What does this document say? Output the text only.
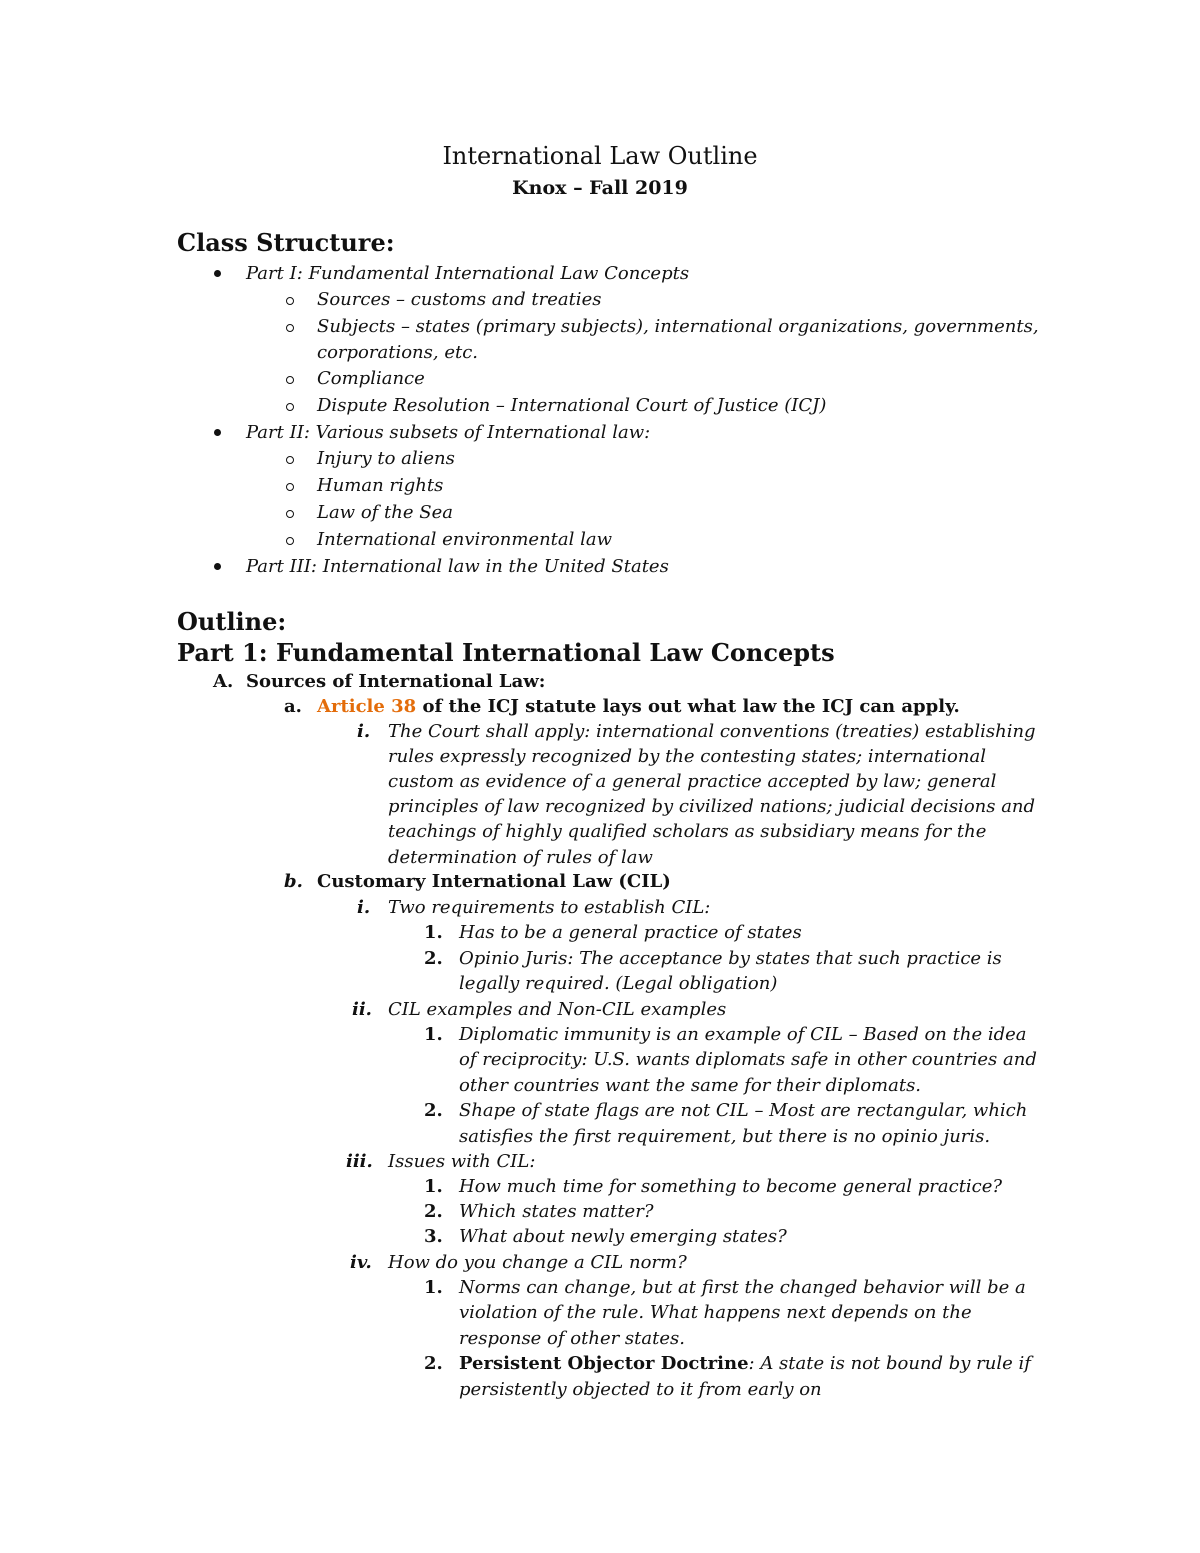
International Law Outline
Knox – Fall 2019
Class Structure:
Part I: Fundamental International Law Concepts
Sources – customs and treaties
Subjects – states (primary subjects), international organizations, governments,
corporations, etc.
Compliance
Dispute Resolution – International Court of Justice (ICJ)
Part II: Various subsets of International law:
Injury to aliens
Human rights
Law of the Sea
International environmental law
Part III: International law in the United States
Outline:
Part 1: Fundamental International Law Concepts
A. Sources of International Law:
a. Article 38 of the ICJ statute lays out what law the ICJ can apply.
i. The Court shall apply: international conventions (treaties) establishing
rules expressly recognized by the contesting states; international
custom as evidence of a general practice accepted by law; general
principles of law recognized by civilized nations; judicial decisions and
teachings of highly qualified scholars as subsidiary means for the
determination of rules of law
b. Customary International Law (CIL)
i. Two requirements to establish CIL:
1. Has to be a general practice of states
2. Opinio Juris: The acceptance by states that such practice is
legally required. (Legal obligation)
ii. CIL examples and Non-CIL examples
1. Diplomatic immunity is an example of CIL – Based on the idea
of reciprocity: U.S. wants diplomats safe in other countries and
other countries want the same for their diplomats.
2. Shape of state flags are not CIL – Most are rectangular, which
satisfies the first requirement, but there is no opinio juris.
iii. Issues with CIL:
1. How much time for something to become general practice?
2. Which states matter?
3. What about newly emerging states?
iv. How do you change a CIL norm?
1. Norms can change, but at first the changed behavior will be a
violation of the rule. What happens next depends on the
response of other states.
2. Persistent Objector Doctrine: A state is not bound by rule if
persistently objected to it from early on
